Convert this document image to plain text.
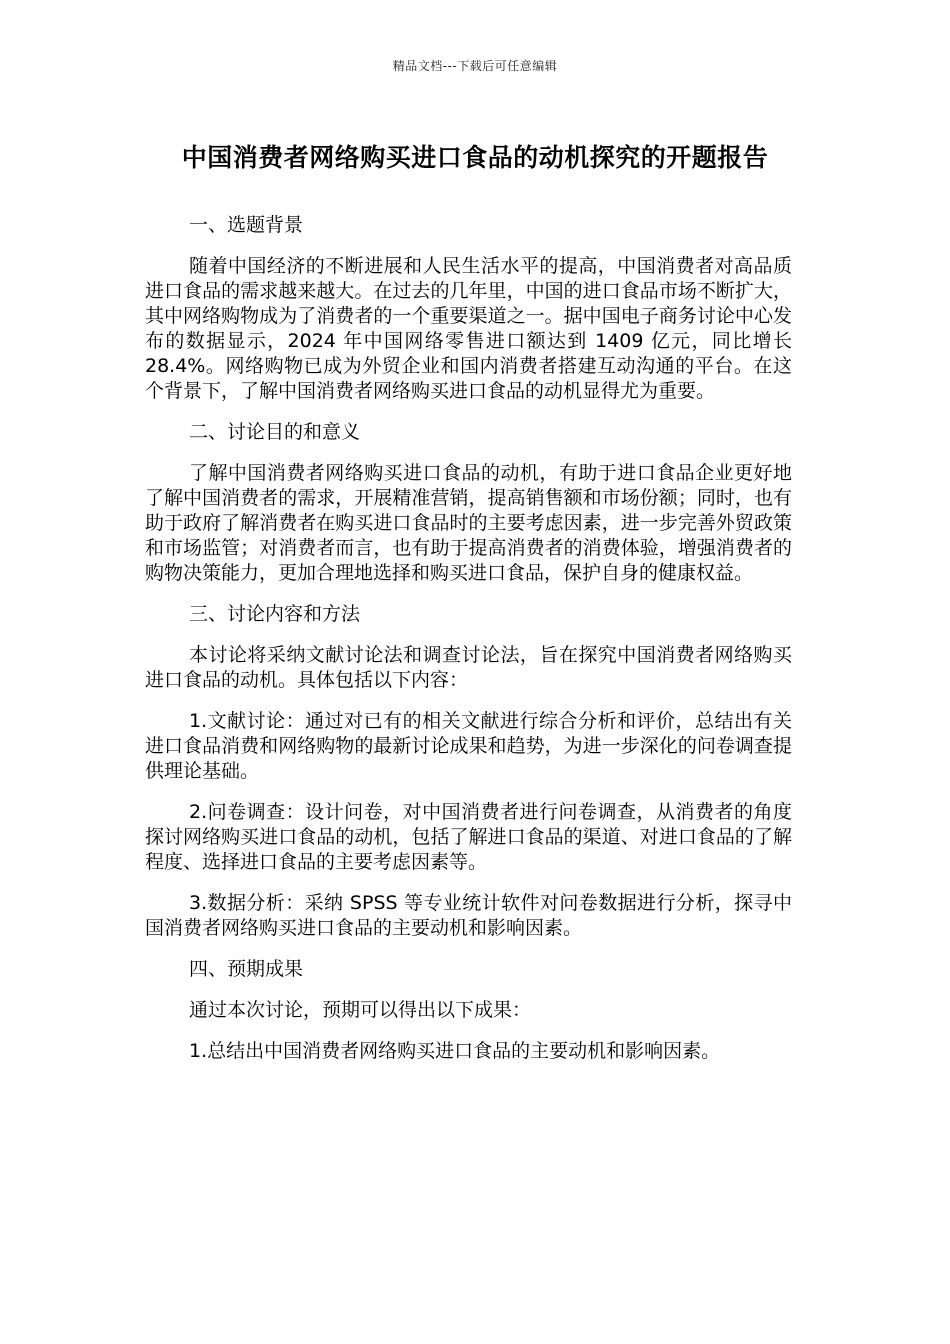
精品文档---下载后可任意编辑
中国消费者网络购买进口食品的动机探究的开题报告

一、选题背景

随着中国经济的不断进展和人民生活水平的提高，中国消费者对高品质进口食品的需求越来越大。在过去的几年里，中国的进口食品市场不断扩大，其中网络购物成为了消费者的一个重要渠道之一。据中国电子商务讨论中心发布的数据显示，2024 年中国网络零售进口额达到 1409 亿元，同比增长 28.4%。网络购物已成为外贸企业和国内消费者搭建互动沟通的平台。在这个背景下，了解中国消费者网络购买进口食品的动机显得尤为重要。

二、讨论目的和意义

了解中国消费者网络购买进口食品的动机，有助于进口食品企业更好地了解中国消费者的需求，开展精准营销，提高销售额和市场份额；同时，也有助于政府了解消费者在购买进口食品时的主要考虑因素，进一步完善外贸政策和市场监管；对消费者而言，也有助于提高消费者的消费体验，增强消费者的购物决策能力，更加合理地选择和购买进口食品，保护自身的健康权益。

三、讨论内容和方法

本讨论将采纳文献讨论法和调查讨论法，旨在探究中国消费者网络购买进口食品的动机。具体包括以下内容：

1.文献讨论：通过对已有的相关文献进行综合分析和评价，总结出有关进口食品消费和网络购物的最新讨论成果和趋势，为进一步深化的问卷调查提供理论基础。

2.问卷调查：设计问卷，对中国消费者进行问卷调查，从消费者的角度探讨网络购买进口食品的动机，包括了解进口食品的渠道、对进口食品的了解程度、选择进口食品的主要考虑因素等。

3.数据分析：采纳 SPSS 等专业统计软件对问卷数据进行分析，探寻中国消费者网络购买进口食品的主要动机和影响因素。

四、预期成果

通过本次讨论，预期可以得出以下成果：

1.总结出中国消费者网络购买进口食品的主要动机和影响因素。
